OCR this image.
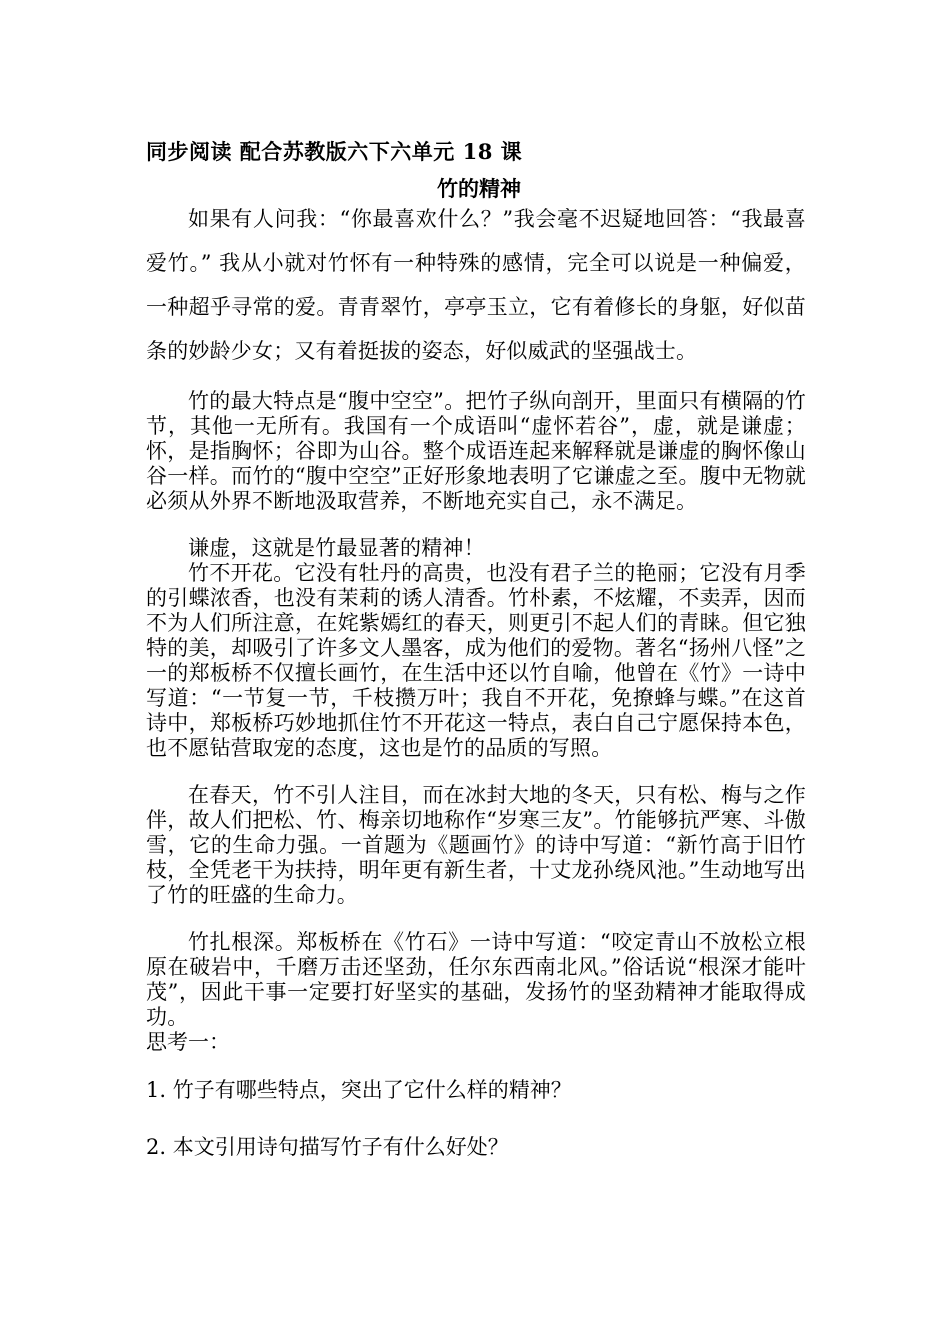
同步阅读 配合苏教版六下六单元 18 课
竹的精神

如果有人问我：“你最喜欢什么？”我会毫不迟疑地回答：“我最喜爱竹。” 我从小就对竹怀有一种特殊的感情，完全可以说是一种偏爱，一种超乎寻常的爱。青青翠竹，亭亭玉立，它有着修长的身躯，好似苗条的妙龄少女；又有着挺拔的姿态，好似威武的坚强战士。

竹的最大特点是“腹中空空”。把竹子纵向剖开，里面只有横隔的竹节，其他一无所有。我国有一个成语叫“虚怀若谷”，虚，就是谦虚；怀，是指胸怀；谷即为山谷。整个成语连起来解释就是谦虚的胸怀像山谷一样。而竹的“腹中空空”正好形象地表明了它谦虚之至。腹中无物就必须从外界不断地汲取营养，不断地充实自己，永不满足。

谦虚，这就是竹最显著的精神！

竹不开花。它没有牡丹的高贵，也没有君子兰的艳丽；它没有月季的引蝶浓香，也没有茉莉的诱人清香。竹朴素，不炫耀，不卖弄，因而不为人们所注意，在姹紫嫣红的春天，则更引不起人们的青睐。但它独特的美，却吸引了许多文人墨客，成为他们的爱物。著名“扬州八怪”之一的郑板桥不仅擅长画竹，在生活中还以竹自喻，他曾在《竹》一诗中写道：“一节复一节，千枝攒万叶；我自不开花，免撩蜂与蝶。”在这首诗中，郑板桥巧妙地抓住竹不开花这一特点，表白自己宁愿保持本色，也不愿钻营取宠的态度，这也是竹的品质的写照。

在春天，竹不引人注目，而在冰封大地的冬天，只有松、梅与之作伴，故人们把松、竹、梅亲切地称作“岁寒三友”。竹能够抗严寒、斗傲雪，它的生命力强。一首题为《题画竹》的诗中写道：“新竹高于旧竹枝，全凭老干为扶持，明年更有新生者，十丈龙孙绕风池。”生动地写出了竹的旺盛的生命力。

竹扎根深。郑板桥在《竹石》一诗中写道：“咬定青山不放松立根原在破岩中，千磨万击还坚劲，任尔东西南北风。”俗话说“根深才能叶茂”，因此干事一定要打好坚实的基础，发扬竹的坚劲精神才能取得成功。

思考一：

1. 竹子有哪些特点，突出了它什么样的精神？

2. 本文引用诗句描写竹子有什么好处？
